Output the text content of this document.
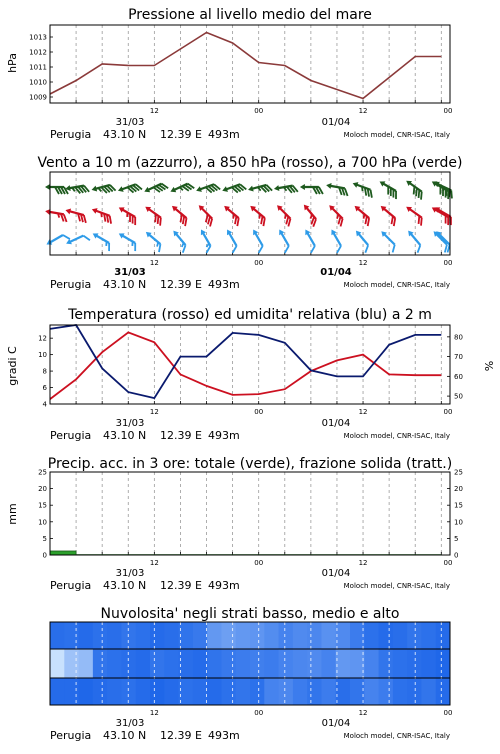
Pressione al livello medio del mare
hPa
1009
1010
1011
1012
1013
12	00	12	00
31/03	01/04
Perugia 43.10 N 12.39 E 493m	Moloch model, CNR-ISAC, Italy
Vento a 10 m (azzurro), a 850 hPa (rosso), a 700 hPa (verde)
12	00	12	00
31/03	01/04
Perugia 43.10 N 12.39 E 493m	Moloch model, CNR-ISAC, Italy
Temperatura (rosso) ed umidita' relativa (blu) a 2 m
gradi C	%
4
6
8
10
12
50
60
70
80
12	00	12	00
31/03	01/04
Perugia 43.10 N 12.39 E 493m	Moloch model, CNR-ISAC, Italy
Precip. acc. in 3 ore: totale (verde), frazione solida (tratt.)
mm
0
5
10
15
20
25
0
5
10
15
20
25
12	00	12	00
31/03	01/04
Perugia 43.10 N 12.39 E 493m	Moloch model, CNR-ISAC, Italy
Nuvolosita' negli strati basso, medio e alto
12	00	12	00
31/03	01/04
Perugia 43.10 N 12.39 E 493m	Moloch model, CNR-ISAC, Italy
